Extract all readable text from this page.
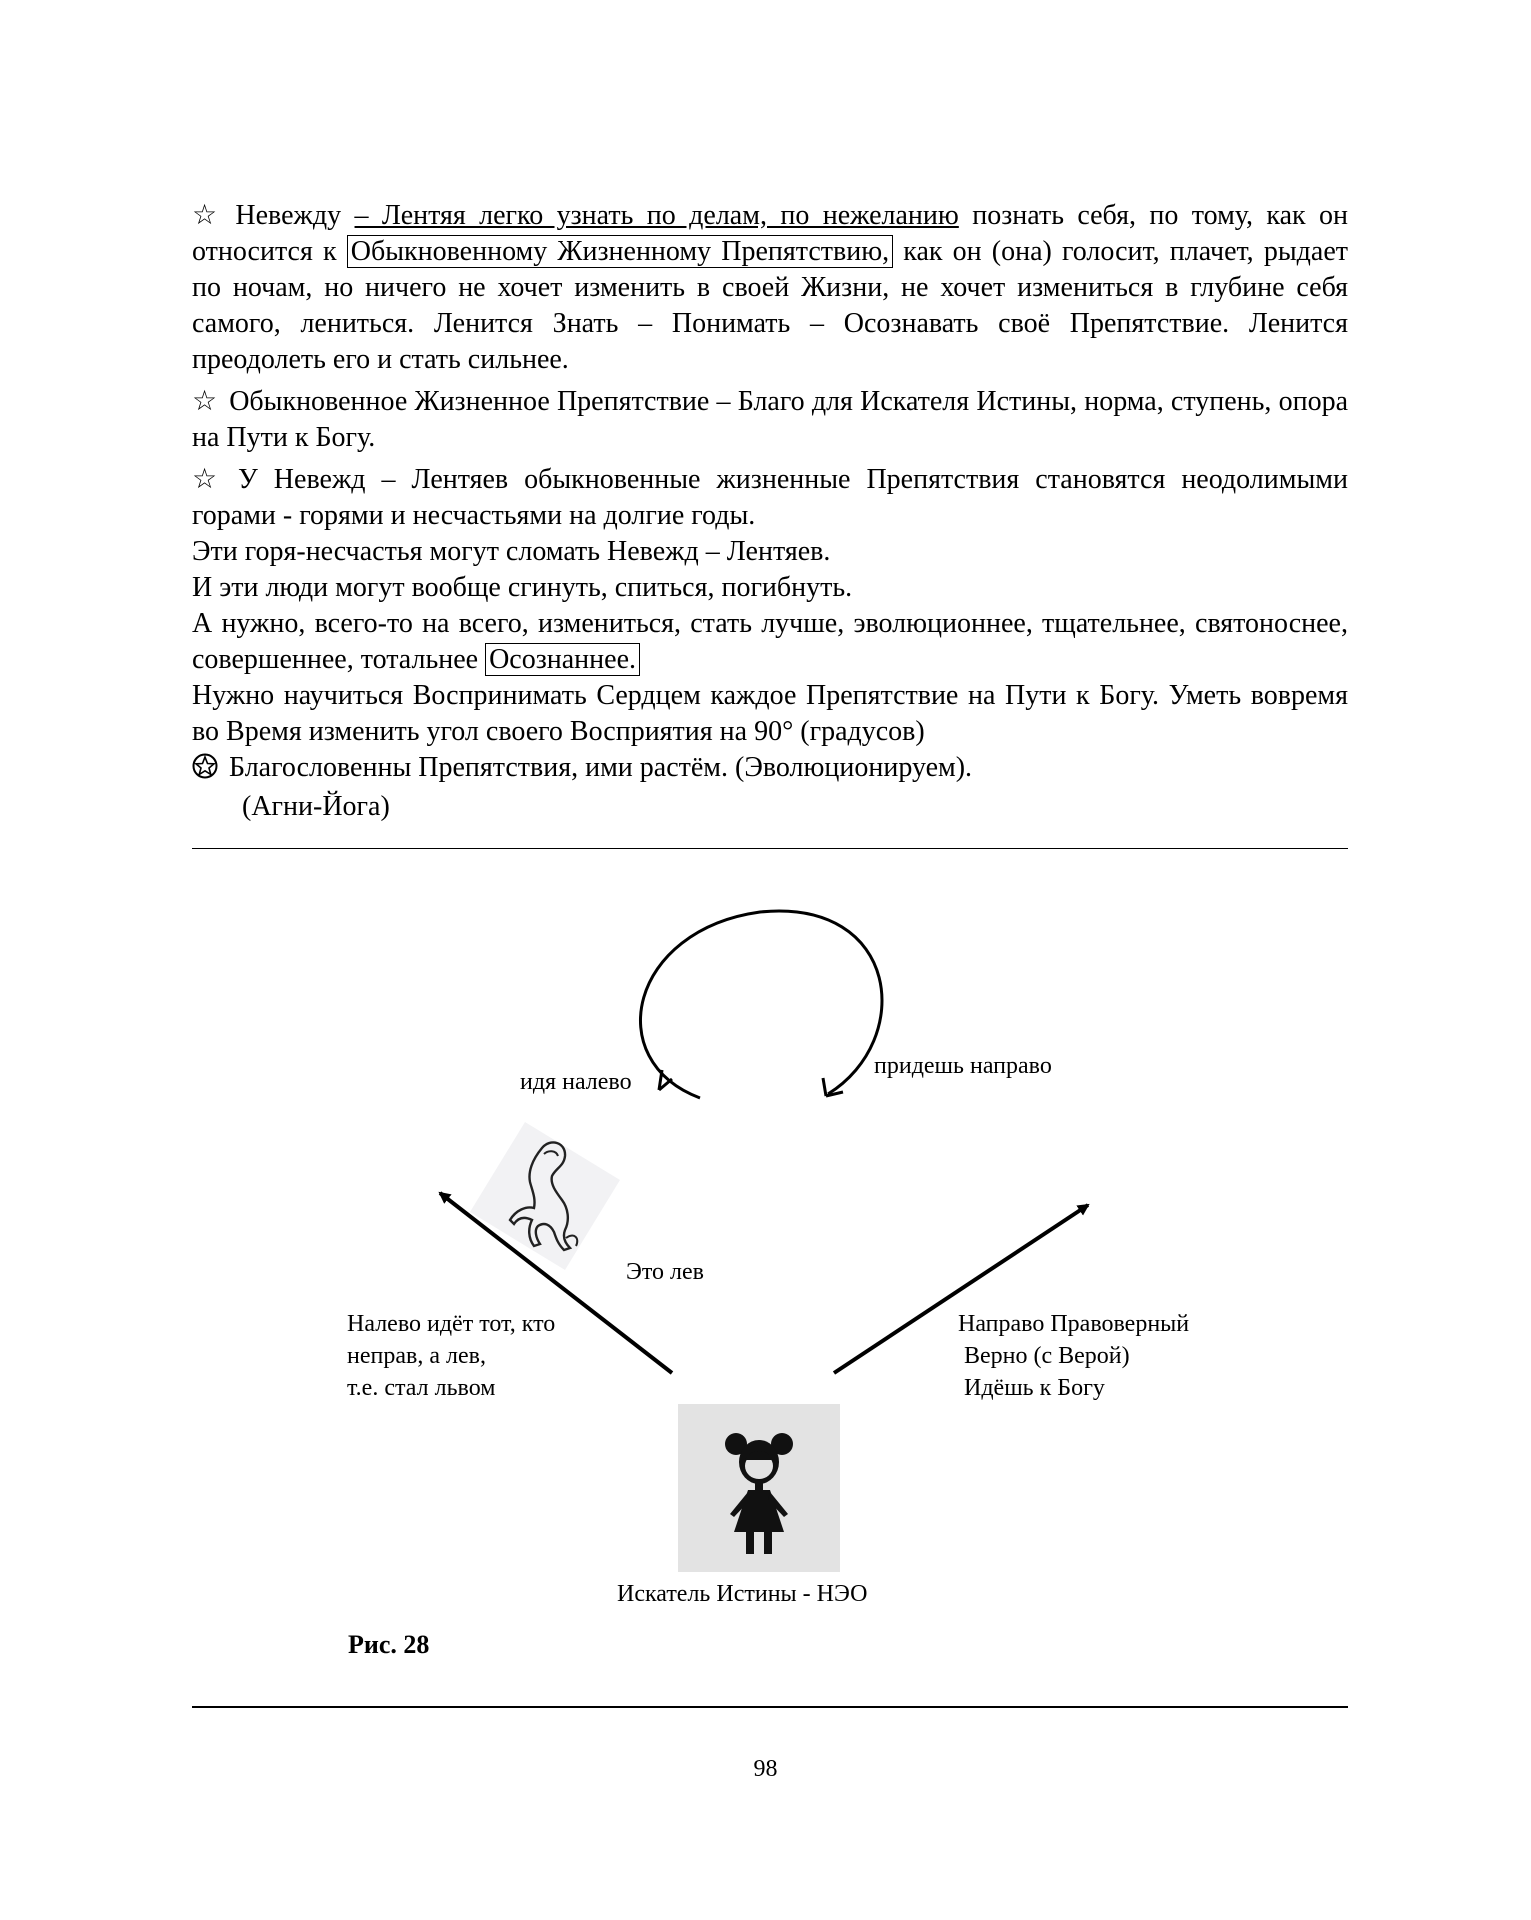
☆ Невежду – Лентяя легко узнать по делам, по нежеланию познать себя, по тому, как он относится к Обыкновенному Жизненному Препятствию, как он (она) голосит, плачет, рыдает по ночам, но ничего не хочет изменить в своей Жизни, не хочет измениться в глубине себя самого, лениться. Ленится Знать – Понимать – Осознавать своё Препятствие. Ленится преодолеть его и стать сильнее.

☆ Обыкновенное Жизненное Препятствие – Благо для Искателя Истины, норма, ступень, опора на Пути к Богу.

☆ У Невежд – Лентяев обыкновенные жизненные Препятствия становятся неодолимыми горами - горями и несчастьями на долгие годы.

Эти горя-несчастья могут сломать Невежд – Лентяев.

И эти люди могут вообще сгинуть, спиться, погибнуть.

А нужно, всего-то на всего, измениться, стать лучше, эволюционнее, тщательнее, святоноснее, совершеннее, тотальнее Осознаннее.

Нужно научиться Воспринимать Сердцем каждое Препятствие на Пути к Богу. Уметь вовремя во Время изменить угол своего Восприятия на 90° (градусов)

Благословенны Препятствия, ими растём. (Эволюционируем).

(Агни-Йога)

идя налево
придешь направо
Это лев
Налево идёт тот, кто
неправ, а лев,
т.е. стал львом
Направо Правоверный
Верно (с Верой)
Идёшь к Богу
Искатель Истины - НЭО
Рис. 28
98
